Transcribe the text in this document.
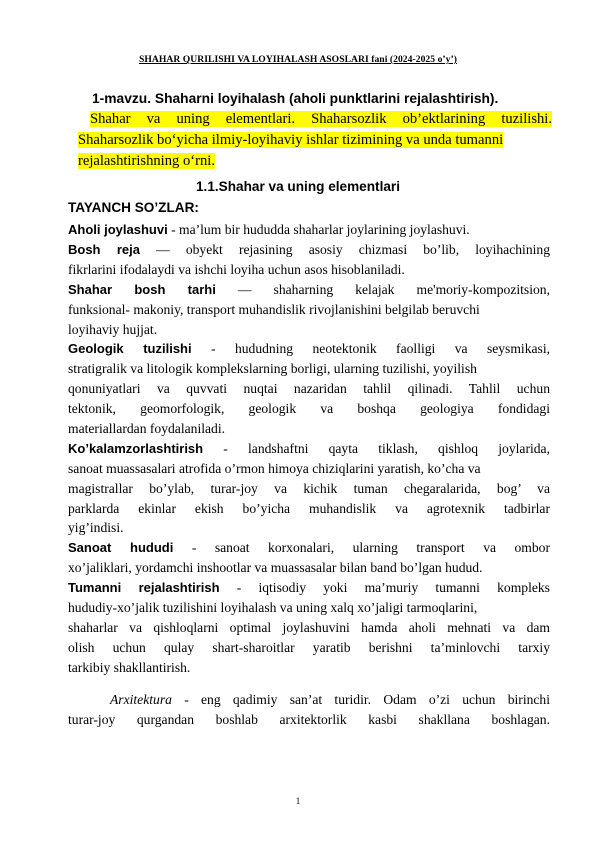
SHAHAR QURILISHI VA LOYIHALASH ASOSLARI fani (2024-2025 o’y’)
1-mavzu. Shaharni loyihalash (aholi punktlarini rejalashtirish).
Shahar va uning elementlari. Shaharsozlik ob’ektlarining tuzilishi.
Shaharsozlik bo‘yicha ilmiy-loyihaviy ishlar tizimining va unda tumanni
rejalashtirishning o‘rni.
1.1.Shahar va uning elementlari
TAYANCH SO’ZLAR:
Aholi joylashuvi - ma’lum bir hududda shaharlar joylarining joylashuvi.
Bosh reja — obyekt rejasining asosiy chizmasi bo’lib, loyihachining
fikrlarini ifodalaydi va ishchi loyiha uchun asos hisoblaniladi.
Shahar bosh tarhi — shaharning kelajak me'moriy-kompozitsion,
funksional- makoniy, transport muhandislik rivojlanishini belgilab beruvchi
loyihaviy hujjat.
Geologik tuzilishi - hududning neotektonik faolligi va seysmikasi,
stratigralik va litologik komplekslarning borligi, ularning tuzilishi, yoyilish
qonuniyatlari va quvvati nuqtai nazaridan tahlil qilinadi. Tahlil uchun
tektonik, geomorfologik, geologik va boshqa geologiya fondidagi
materiallardan foydalaniladi.
Ko’kalamzorlashtirish - landshaftni qayta tiklash, qishloq joylarida,
sanoat muassasalari atrofida o’rmon himoya chiziqlarini yaratish, ko’cha va
magistrallar bo’ylab, turar-joy va kichik tuman chegaralarida, bog’ va
parklarda ekinlar ekish bo’yicha muhandislik va agrotexnik tadbirlar
yig’indisi.
Sanoat hududi - sanoat korxonalari, ularning transport va ombor
xo’jaliklari, yordamchi inshootlar va muassasalar bilan band bo’lgan hudud.
Tumanni rejalashtirish - iqtisodiy yoki ma’muriy tumanni kompleks
hududiy-xo’jalik tuzilishini loyihalash va uning xalq xo’jaligi tarmoqlarini,
shaharlar va qishloqlarni optimal joylashuvini hamda aholi mehnati va dam
olish uchun qulay shart-sharoitlar yaratib berishni ta’minlovchi tarxiy
tarkibiy shakllantirish.
Arxitektura - eng qadimiy san’at turidir. Odam o’zi uchun birinchi
turar-joy qurgandan boshlab arxitektorlik kasbi shakllana boshlagan.
1
